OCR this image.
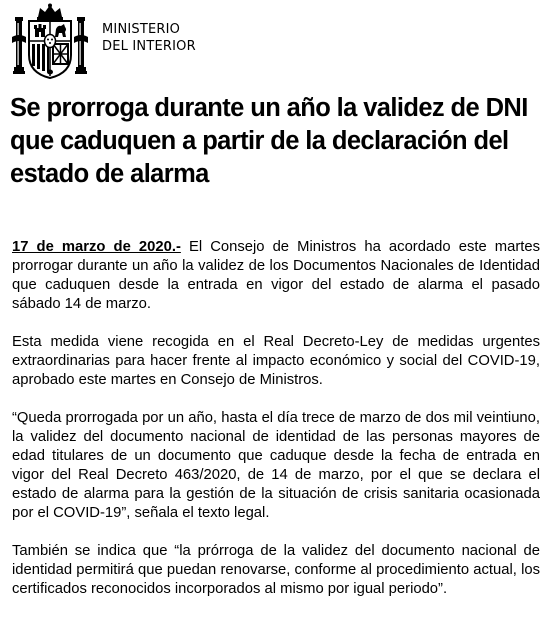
MINISTERIO
DEL INTERIOR
Se prorroga durante un año la validez de DNI que caduquen a partir de la declaración del estado de alarma

17 de marzo de 2020.- El Consejo de Ministros ha acordado este martes prorrogar durante un año la validez de los Documentos Nacionales de Identidad que caduquen desde la entrada en vigor del estado de alarma el pasado sábado 14 de marzo.

Esta medida viene recogida en el Real Decreto-Ley de medidas urgentes extraordinarias para hacer frente al impacto económico y social del COVID-19, aprobado este martes en Consejo de Ministros.

“Queda prorrogada por un año, hasta el día trece de marzo de dos mil veintiuno, la validez del documento nacional de identidad de las personas mayores de edad titulares de un documento que caduque desde la fecha de entrada en vigor del Real Decreto 463/2020, de 14 de marzo, por el que se declara el estado de alarma para la gestión de la situación de crisis sanitaria ocasionada por el COVID-19”, señala el texto legal.

También se indica que “la prórroga de la validez del documento nacional de identidad permitirá que puedan renovarse, conforme al procedimiento actual, los certificados reconocidos incorporados al mismo por igual periodo”.
